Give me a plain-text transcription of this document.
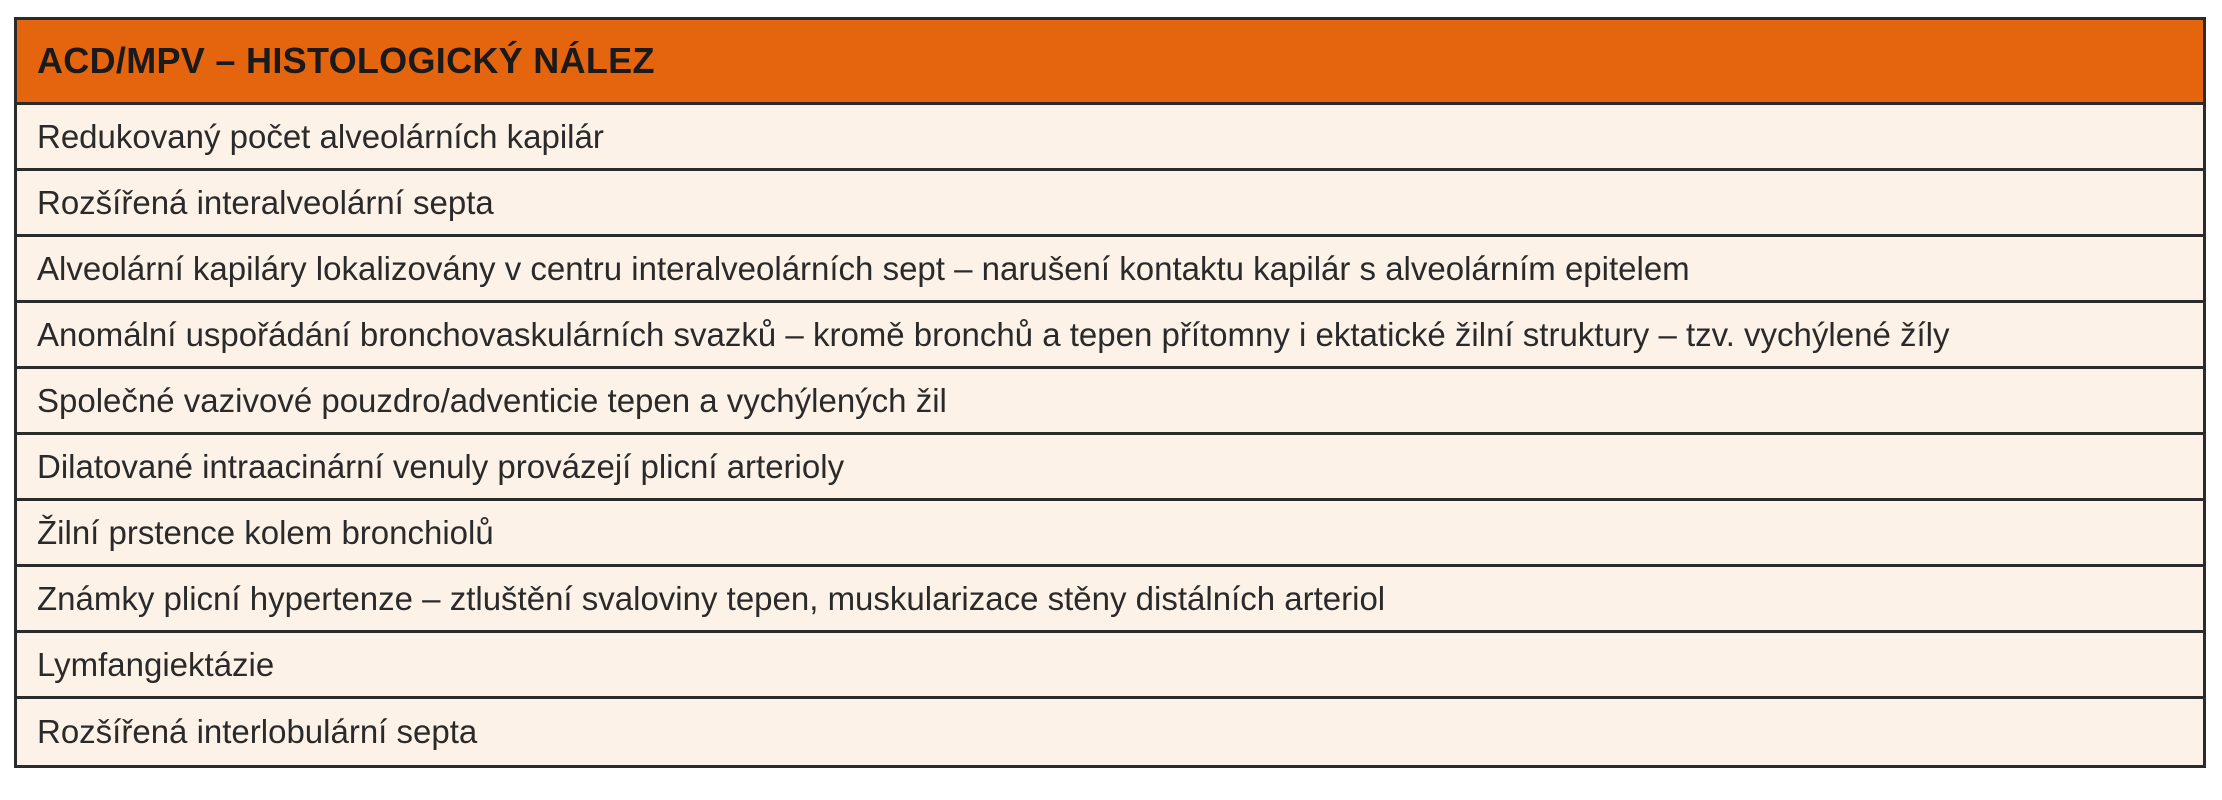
ACD/MPV – HISTOLOGICKÝ NÁLEZ
Redukovaný počet alveolárních kapilár
Rozšířená interalveolární septa
Alveolární kapiláry lokalizovány v centru interalveolárních sept – narušení kontaktu kapilár s alveolárním epitelem
Anomální uspořádání bronchovaskulárních svazků – kromě bronchů a tepen přítomny i ektatické žilní struktury – tzv. vychýlené žíly
Společné vazivové pouzdro/adventicie tepen a vychýlených žil
Dilatované intraacinární venuly provázejí plicní arterioly
Žilní prstence kolem bronchiolů
Známky plicní hypertenze – ztluštění svaloviny tepen, muskularizace stěny distálních arteriol
Lymfangiektázie
Rozšířená interlobulární septa
